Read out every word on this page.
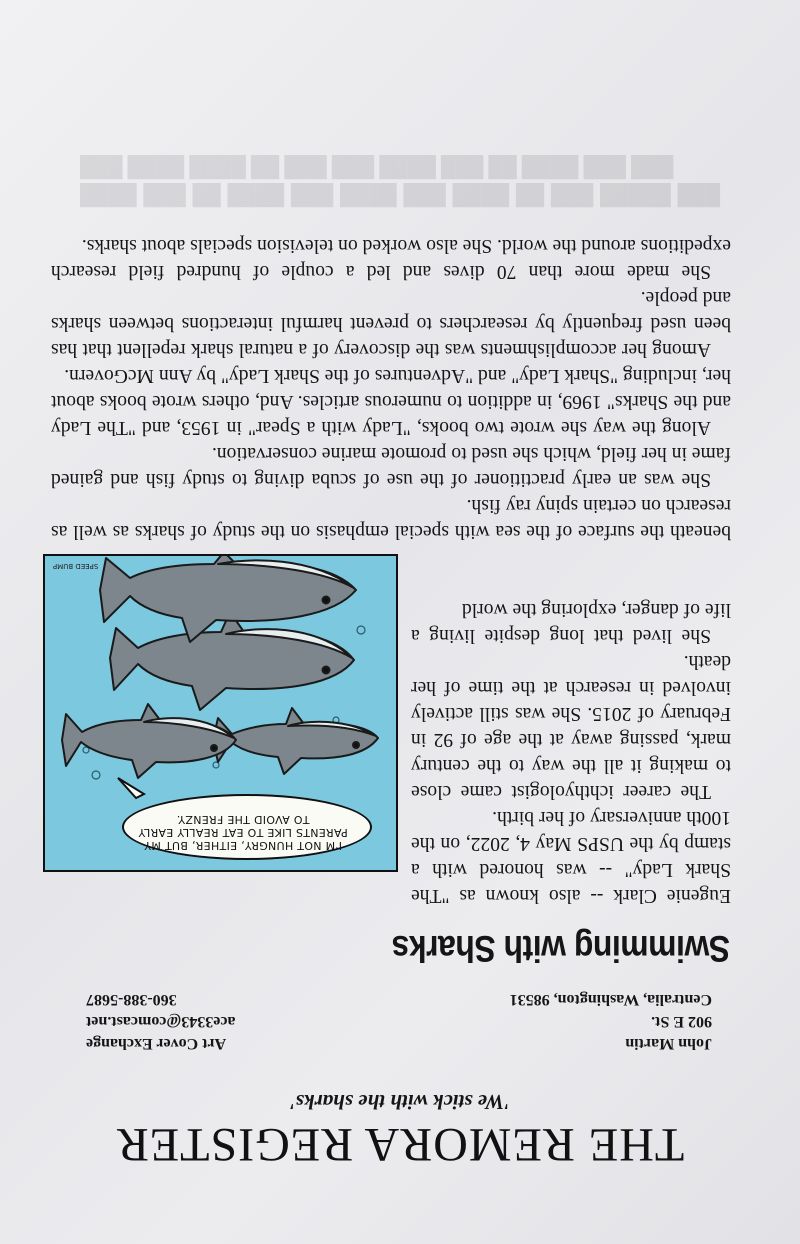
████ ███ ██ ████ ███ ████ ███ ████ ██ ███ █████ ███ ███ ████ ████ ██ ███ ███ ████ ███ ██ ████ ███ ███
THE REMORA REGISTER
'We stick with the sharks'
John Martin
902 E St.
Centralia, Washington, 98531
Art Cover Exchange
ace3343@comcast.net
360-388-5687
Swimming with Sharks

Eugenie Clark -- also known as "The Shark Lady" -- was honored with a stamp by the USPS May 4, 2022, on the 100th anniversary of her birth.

The career ichthyologist came close to making it all the way to the century mark, passing away at the age of 92 in February of 2015. She was still actively involved in research at the time of her death.

She lived that long despite living a life of danger, exploring the world

I'M NOT HUNGRY, EITHER, BUT MY PARENTS LIKE TO EAT REALLY EARLY TO AVOID THE FRENZY.
SPEED BUMP

beneath the surface of the sea with special emphasis on the study of sharks as well as research on certain spiny ray fish.

She was an early practitioner of the use of scuba diving to study fish and gained fame in her field, which she used to promote marine conservation.

Along the way she wrote two books, "Lady with a Spear" in 1953, and "The Lady and the Sharks" 1969, in addition to numerous articles. And, others wrote books about her, including "Shark Lady" and "Adventures of the Shark Lady" by Ann McGovern.

Among her accomplishments was the discovery of a natural shark repellent that has been used frequently by researchers to prevent harmful interactions between sharks and people.

She made more than 70 dives and led a couple of hundred field research expeditions around the world. She also worked on television specials about sharks.
